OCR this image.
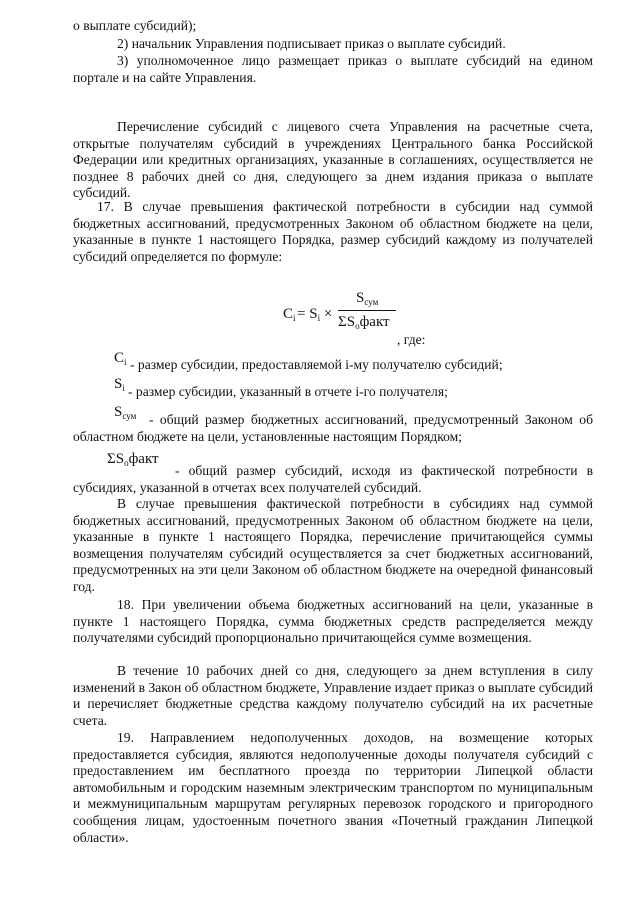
о выплате субсидий);

2) начальник Управления подписывает приказ о выплате субсидий.

3) уполномоченное лицо размещает приказ о выплате субсидий на едином портале и на сайте Управления.

Перечисление субсидий с лицевого счета Управления на расчетные счета, открытые получателям субсидий в учреждениях Центрального банка Российской Федерации или кредитных организациях, указанные в соглашениях, осуществляется не позднее 8 рабочих дней со дня, следующего за днем издания приказа о выплате субсидий.

17. В случае превышения фактической потребности в субсидии над суммой бюджетных ассигнований, предусмотренных Законом об областном бюджете на цели, указанные в пункте 1 настоящего Порядка, размер субсидий каждому из получателей субсидий определяется по формуле:

$C_i = S_i$ ×
$S_{сум}$
$\Sigma S_oфакт$
, где:
$C_i$ - размер субсидии, предоставляемой i-му получателю субсидий;
$S_i$ - размер субсидии, указанный в отчете i-го получателя;
$S_{сум}$ - общий размер бюджетных ассигнований, предусмотренный Законом об областном бюджете на цели, установленные настоящим Порядком;

$\Sigma S_oфакт$

- общий размер субсидий, исходя из фактической потребности в субсидиях, указанной в отчетах всех получателей субсидий.

В случае превышения фактической потребности в субсидиях над суммой бюджетных ассигнований, предусмотренных Законом об областном бюджете на цели, указанные в пункте 1 настоящего Порядка, перечисление причитающейся суммы возмещения получателям субсидий осуществляется за счет бюджетных ассигнований, предусмотренных на эти цели Законом об областном бюджете на очередной финансовый год.

18. При увеличении объема бюджетных ассигнований на цели, указанные в пункте 1 настоящего Порядка, сумма бюджетных средств распределяется между получателями субсидий пропорционально причитающейся сумме возмещения.

В течение 10 рабочих дней со дня, следующего за днем вступления в силу изменений в Закон об областном бюджете, Управление издает приказ о выплате субсидий и перечисляет бюджетные средства каждому получателю субсидий на их расчетные счета.

19. Направлением недополученных доходов, на возмещение которых предоставляется субсидия, являются недополученные доходы получателя субсидий с предоставлением им бесплатного проезда по территории Липецкой области автомобильным и городским наземным электрическим транспортом по муниципальным и межмуниципальным маршрутам регулярных перевозок городского и пригородного сообщения лицам, удостоенным почетного звания «Почетный гражданин Липецкой области».
